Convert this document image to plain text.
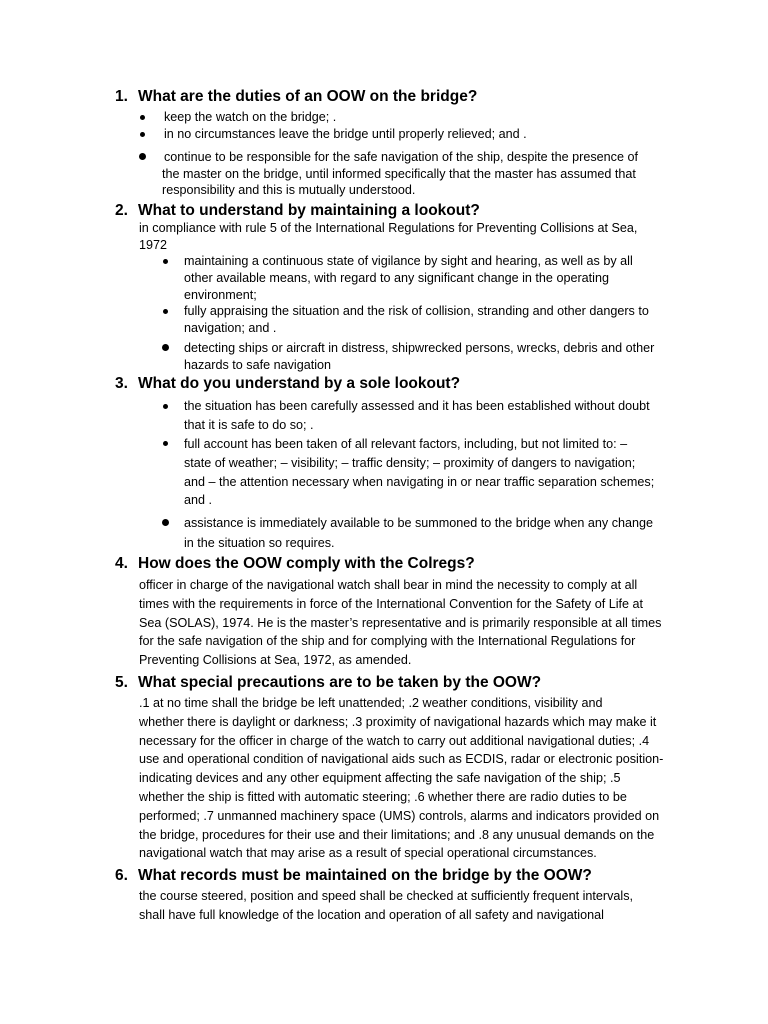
1. What are the duties of an OOW on the bridge?
keep the watch on the bridge; .
in no circumstances leave the bridge until properly relieved; and .
continue to be responsible for the safe navigation of the ship, despite the presence of
the master on the bridge, until informed specifically that the master has assumed that
responsibility and this is mutually understood.
2. What to understand by maintaining a lookout?
in compliance with rule 5 of the International Regulations for Preventing Collisions at Sea,
1972
maintaining a continuous state of vigilance by sight and hearing, as well as by all
other available means, with regard to any significant change in the operating
environment;
fully appraising the situation and the risk of collision, stranding and other dangers to
navigation; and .
detecting ships or aircraft in distress, shipwrecked persons, wrecks, debris and other
hazards to safe navigation
3. What do you understand by a sole lookout?
the situation has been carefully assessed and it has been established without doubt
that it is safe to do so; .
full account has been taken of all relevant factors, including, but not limited to: –
state of weather; – visibility; – traffic density; – proximity of dangers to navigation;
and – the attention necessary when navigating in or near traffic separation schemes;
and .
assistance is immediately available to be summoned to the bridge when any change
in the situation so requires.
4. How does the OOW comply with the Colregs?
officer in charge of the navigational watch shall bear in mind the necessity to comply at all
times with the requirements in force of the International Convention for the Safety of Life at
Sea (SOLAS), 1974. He is the master’s representative and is primarily responsible at all times
for the safe navigation of the ship and for complying with the International Regulations for
Preventing Collisions at Sea, 1972, as amended.
5. What special precautions are to be taken by the OOW?
.1 at no time shall the bridge be left unattended; .2 weather conditions, visibility and
whether there is daylight or darkness; .3 proximity of navigational hazards which may make it
necessary for the officer in charge of the watch to carry out additional navigational duties; .4
use and operational condition of navigational aids such as ECDIS, radar or electronic position-
indicating devices and any other equipment affecting the safe navigation of the ship; .5
whether the ship is fitted with automatic steering; .6 whether there are radio duties to be
performed; .7 unmanned machinery space (UMS) controls, alarms and indicators provided on
the bridge, procedures for their use and their limitations; and .8 any unusual demands on the
navigational watch that may arise as a result of special operational circumstances.
6. What records must be maintained on the bridge by the OOW?
the course steered, position and speed shall be checked at sufficiently frequent intervals,
shall have full knowledge of the location and operation of all safety and navigational
